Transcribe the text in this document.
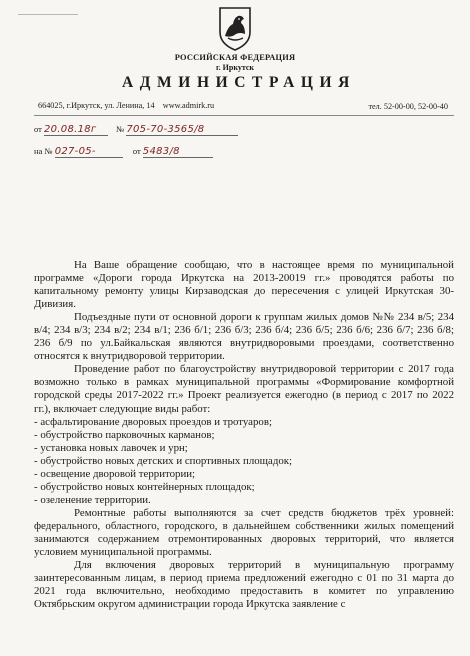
РОССИЙСКАЯ ФЕДЕРАЦИЯ
г. Иркутск
АДМИНИСТРАЦИЯ
664025, г.Иркутск, ул. Ленина, 14 www.admirk.ru	тел. 52-00-00, 52-00-40
от 20.08.18г № 705-70-3565/8
на № 027-05-	от 5483/8

На Ваше обращение сообщаю, что в настоящее время по муниципальной программе «Дороги города Иркутска на 2013-20019 гг.» проводятся работы по капитальному ремонту улицы Кирзаводская до пересечения с улицей Иркутская 30-Дивизия.

Подъездные пути от основной дороги к группам жилых домов №№ 234 в/5; 234 в/4; 234 в/3; 234 в/2; 234 в/1; 236 б/1; 236 б/3; 236 б/4; 236 б/5; 236 б/6; 236 б/7; 236 б/8; 236 б/9 по ул.Байкальская являются внутридворовыми проездами, соответственно относятся к внутридворовой территории.

Проведение работ по благоустройству внутридворовой территории с 2017 года возможно только в рамках муниципальной программы «Формирование комфортной городской среды 2017-2022 гг.» Проект реализуется ежегодно (в период с 2017 по 2022 гг.), включает следующие виды работ:

- асфальтирование дворовых проездов и тротуаров;

- обустройство парковочных карманов;

- установка новых лавочек и урн;

- обустройство новых детских и спортивных площадок;

- освещение дворовой территории;

- обустройство новых контейнерных площадок;

- озеленение территории.

Ремонтные работы выполняются за счет средств бюджетов трёх уровней: федерального, областного, городского, в дальнейшем собственники жилых помещений занимаются содержанием отремонтированных дворовых территорий, что является условием муниципальной программы.

Для включения дворовых территорий в муниципальную программу заинтересованным лицам, в период приема предложений ежегодно с 01 по 31 марта до 2021 года включительно, необходимо предоставить в комитет по управлению Октябрьским округом администрации города Иркутска заявление с
